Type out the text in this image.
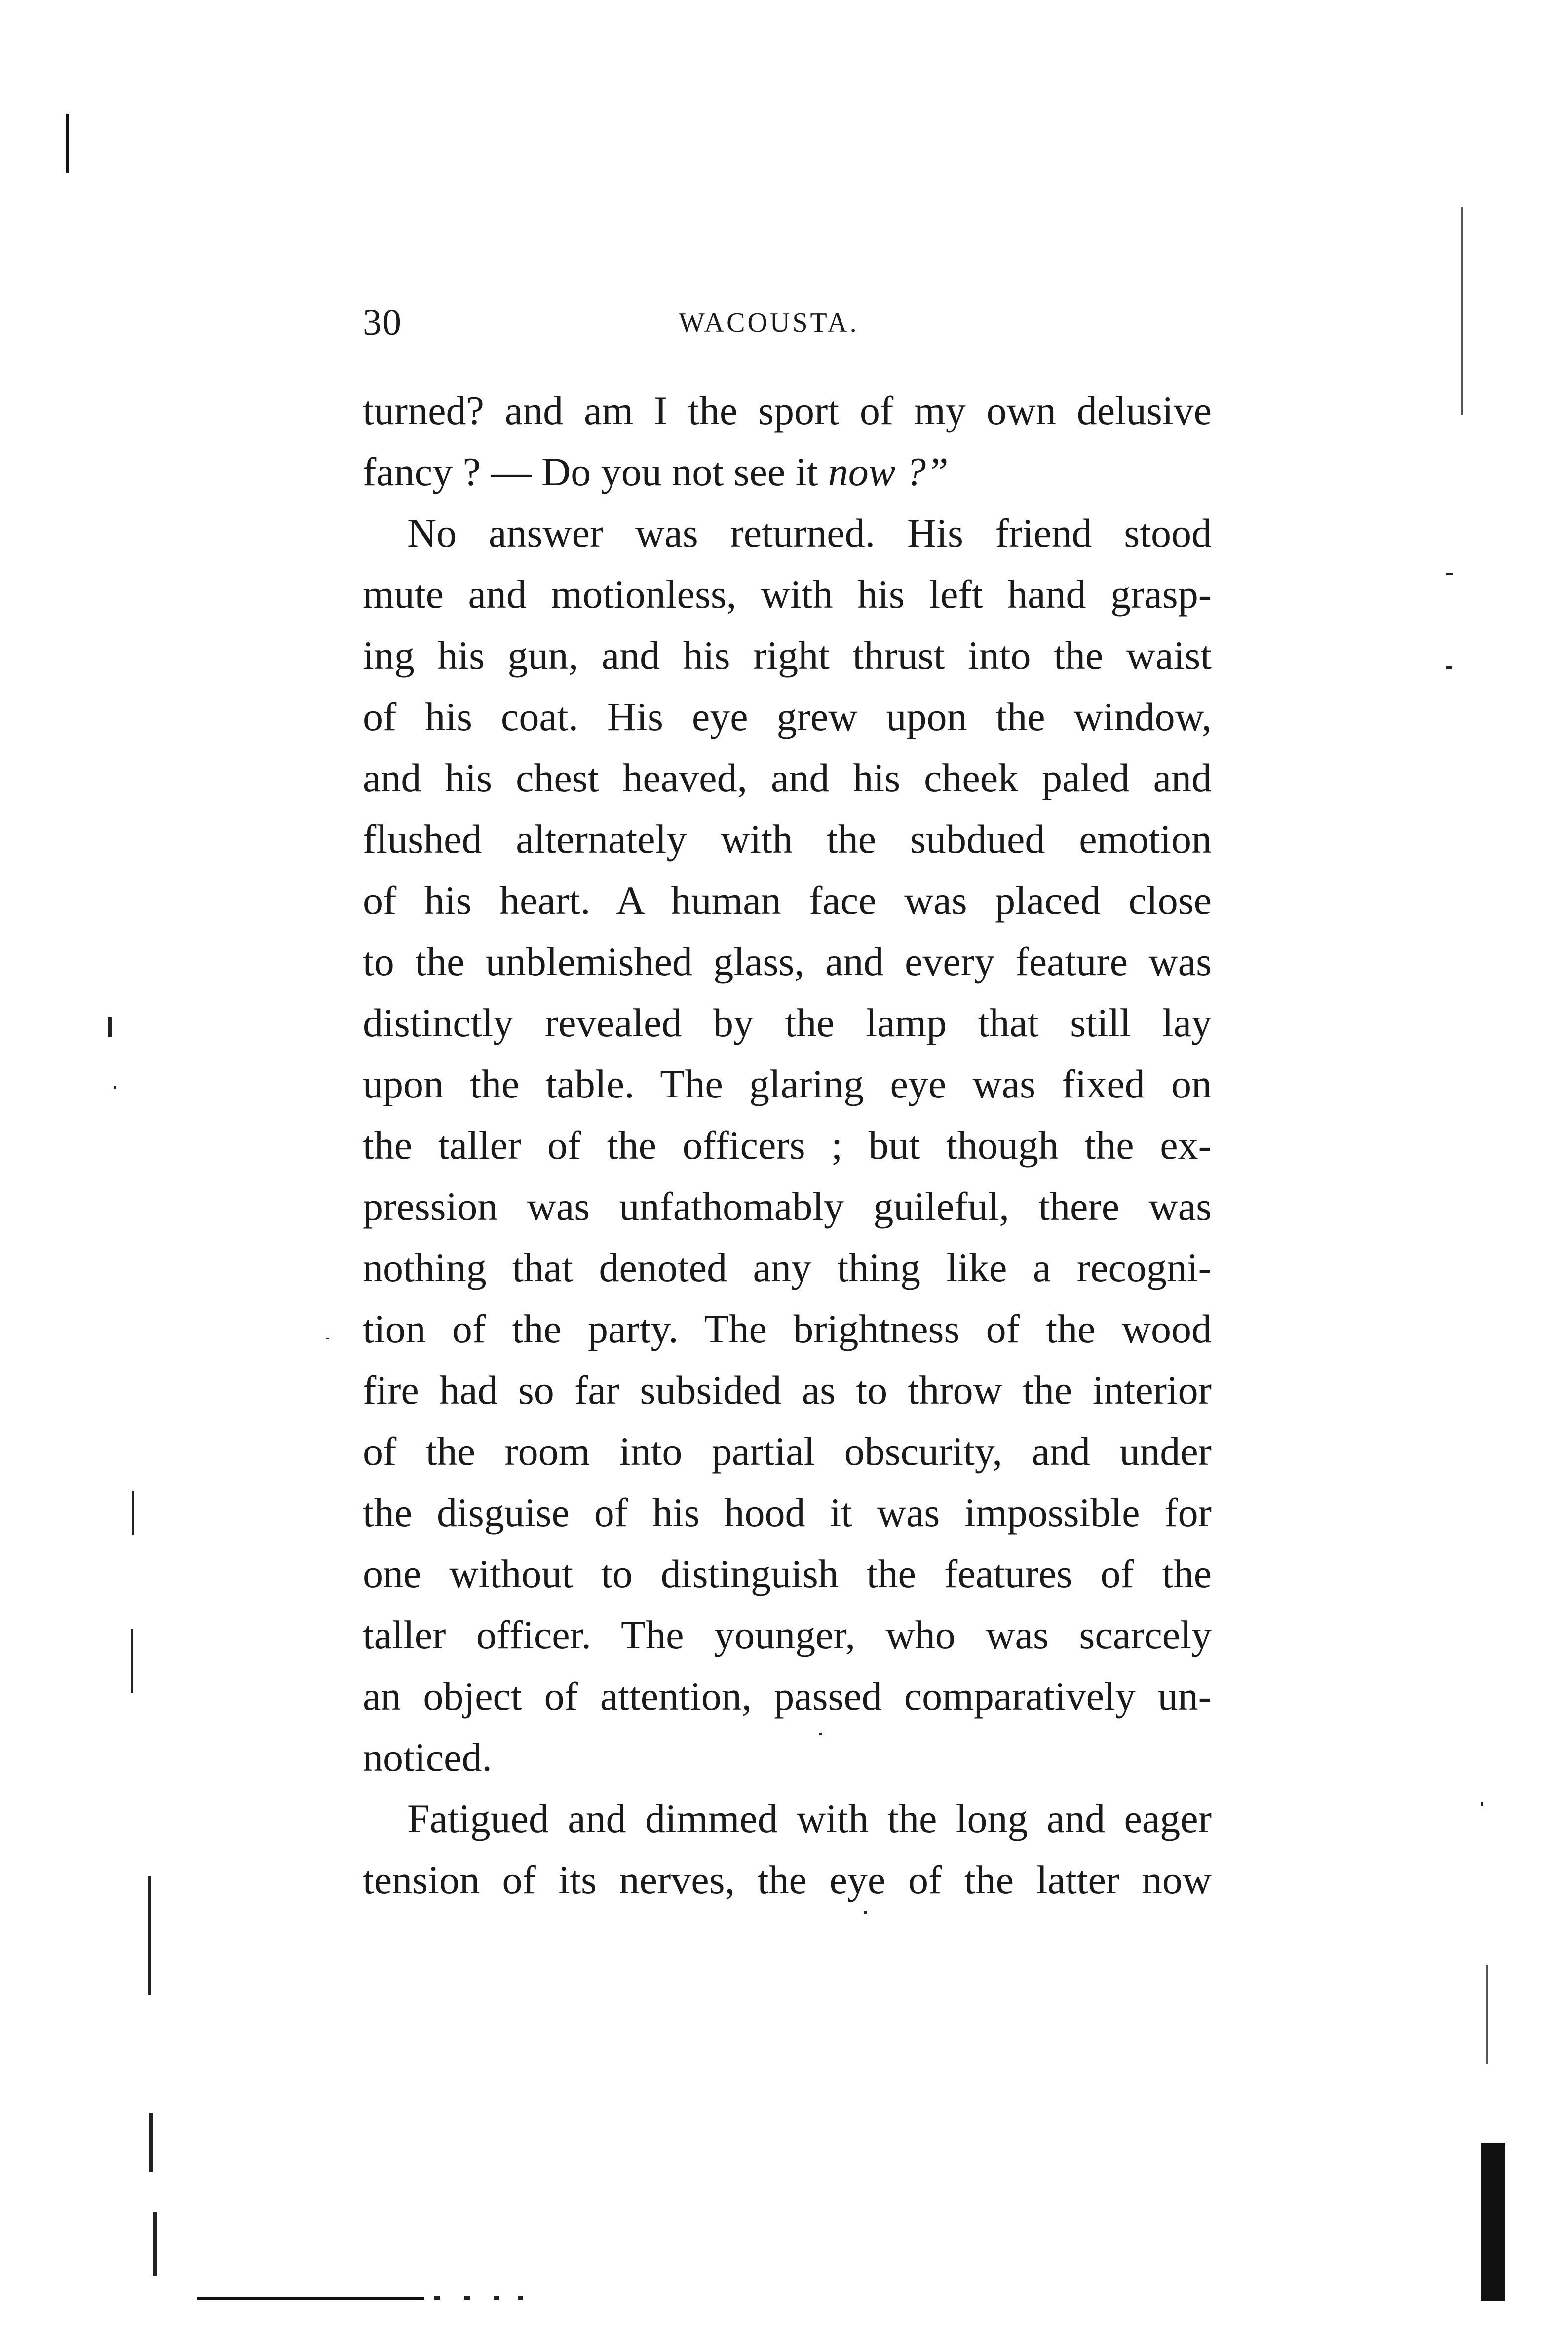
30	WACOUSTA.
turned? and am I the sport of my own delusive
fancy ? — Do you not see it now ?”
No answer was returned. His friend stood
mute and motionless, with his left hand grasp-
ing his gun, and his right thrust into the waist
of his coat. His eye grew upon the window,
and his chest heaved, and his cheek paled and
flushed alternately with the subdued emotion
of his heart. A human face was placed close
to the unblemished glass, and every feature was
distinctly revealed by the lamp that still lay
upon the table. The glaring eye was fixed on
the taller of the officers ; but though the ex-
pression was unfathomably guileful, there was
nothing that denoted any thing like a recogni-
tion of the party. The brightness of the wood
fire had so far subsided as to throw the interior
of the room into partial obscurity, and under
the disguise of his hood it was impossible for
one without to distinguish the features of the
taller officer. The younger, who was scarcely
an object of attention, passed comparatively un-
noticed.
Fatigued and dimmed with the long and eager
tension of its nerves, the eye of the latter now
